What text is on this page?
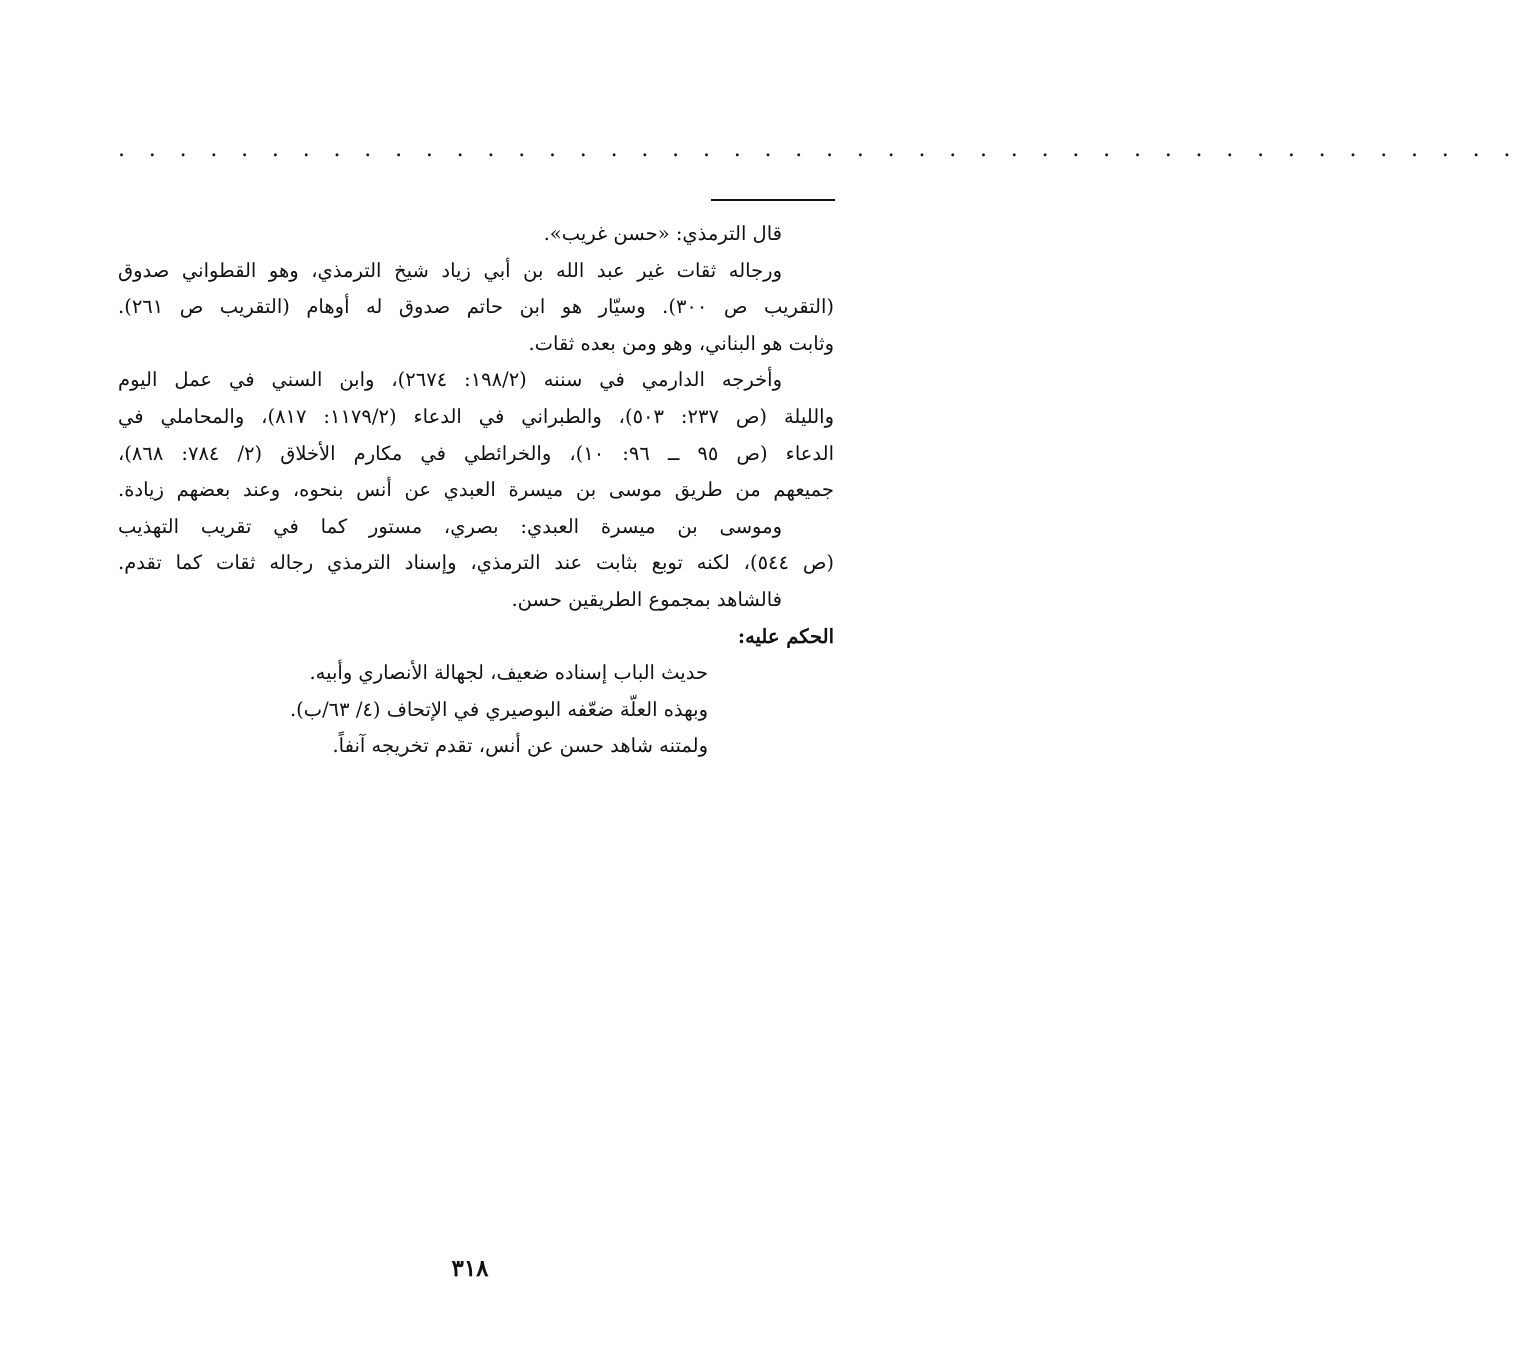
. . . . . . . . . . . . . . . . . . . . . . . . . . . . . . . . . . . . . . . . . . . . . .

قال الترمذي: «حسن غريب».

ورجاله ثقات غير عبد الله بن أبي زياد شيخ الترمذي، وهو القطواني صدوق

(التقريب ص ٣٠٠). وسيّار هو ابن حاتم صدوق له أوهام (التقريب ص ٢٦١).

وثابت هو البناني، وهو ومن بعده ثقات.

وأخرجه الدارمي في سننه (١٩٨/٢: ٢٦٧٤)، وابن السني في عمل اليوم

والليلة (ص ٢٣٧: ٥٠٣)، والطبراني في الدعاء (١١٧٩/٢: ٨١٧)، والمحاملي في

الدعاء (ص ٩٥ ــ ٩٦: ١٠)، والخرائطي في مكارم الأخلاق (٢/ ٧٨٤: ٨٦٨)،

جميعهم من طريق موسى بن ميسرة العبدي عن أنس بنحوه، وعند بعضهم زيادة.

وموسى بن ميسرة العبدي: بصري، مستور كما في تقريب التهذيب

(ص ٥٤٤)، لكنه توبع بثابت عند الترمذي، وإسناد الترمذي رجاله ثقات كما تقدم.

فالشاهد بمجموع الطريقين حسن.

الحكم عليه:

حديث الباب إسناده ضعيف، لجهالة الأنصاري وأبيه.

وبهذه العلّة ضعّفه البوصيري في الإتحاف (٤/ ٦٣/ب).

ولمتنه شاهد حسن عن أنس، تقدم تخريجه آنفاً.

٣١٨
